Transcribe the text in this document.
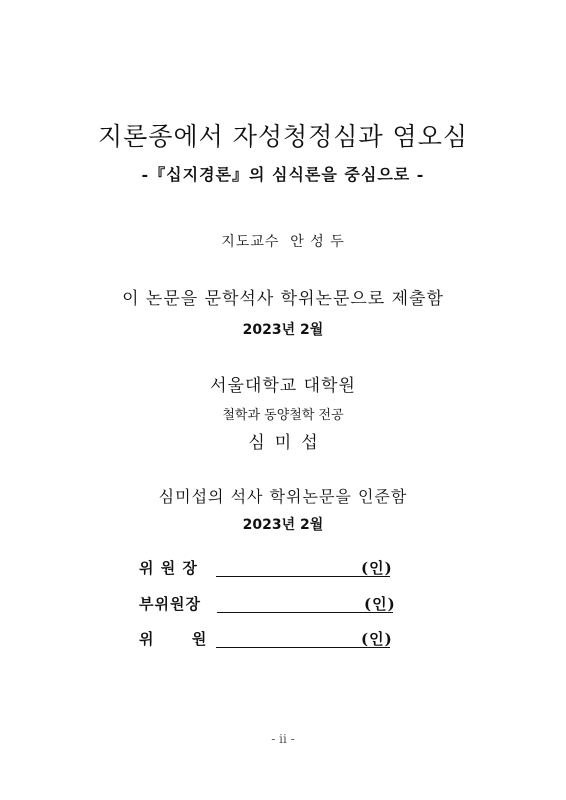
지론종에서 자성청정심과 염오심
-『십지경론』의 심식론을 중심으로 -
지도교수  안 성 두
이 논문을 문학석사 학위논문으로 제출함
2023년 2월
서울대학교 대학원
철학과 동양철학 전공
심미섭
심미섭의 석사 학위논문을 인준함
2023년 2월
위 원 장	(인)
부위원장	(인)
위      원	(인)
- ii -
